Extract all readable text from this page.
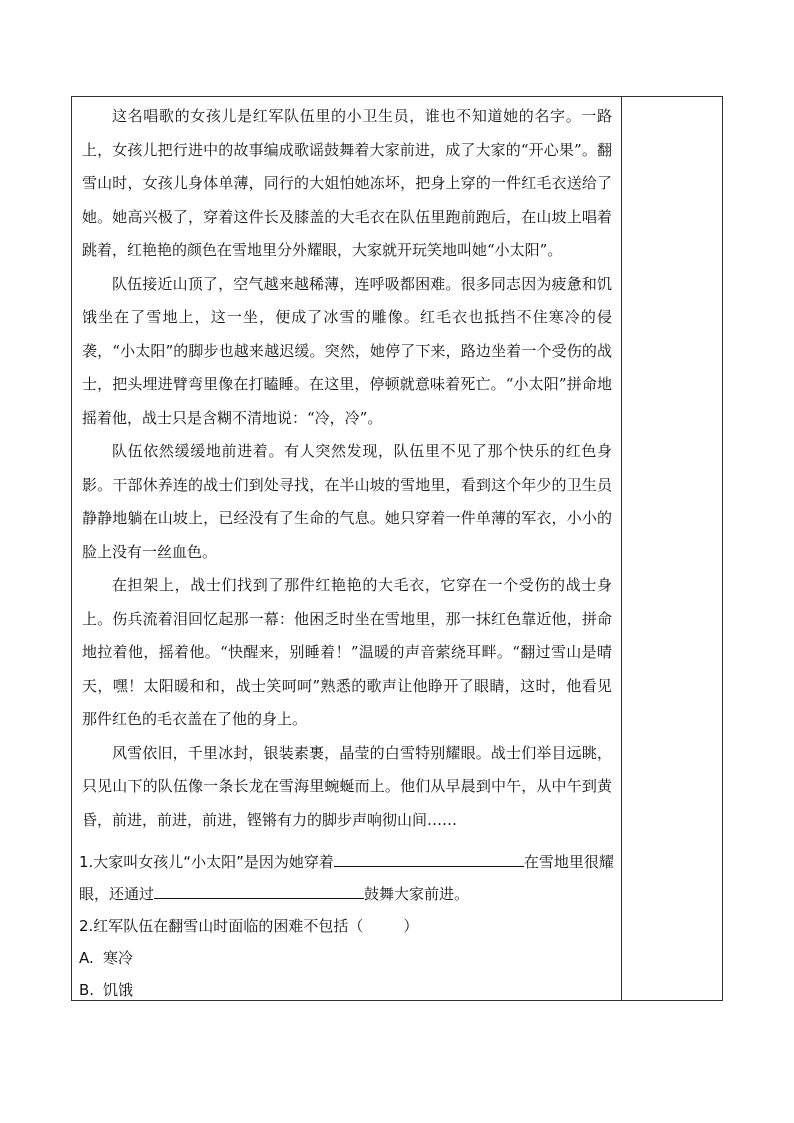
这名唱歌的女孩儿是红军队伍里的小卫生员，谁也不知道她的名字。一路上，女孩儿把行进中的故事编成歌谣鼓舞着大家前进，成了大家的“开心果”。翻雪山时，女孩儿身体单薄，同行的大姐怕她冻坏，把身上穿的一件红毛衣送给了她。她高兴极了，穿着这件长及膝盖的大毛衣在队伍里跑前跑后，在山坡上唱着跳着，红艳艳的颜色在雪地里分外耀眼，大家就开玩笑地叫她“小太阳”。

队伍接近山顶了，空气越来越稀薄，连呼吸都困难。很多同志因为疲惫和饥饿坐在了雪地上，这一坐，便成了冰雪的雕像。红毛衣也抵挡不住寒冷的侵袭，“小太阳”的脚步也越来越迟缓。突然，她停了下来，路边坐着一个受伤的战士，把头埋进臂弯里像在打瞌睡。在这里，停顿就意味着死亡。“小太阳”拼命地摇着他，战士只是含糊不清地说：“冷，冷”。

队伍依然缓缓地前进着。有人突然发现，队伍里不见了那个快乐的红色身影。干部休养连的战士们到处寻找，在半山坡的雪地里，看到这个年少的卫生员静静地躺在山坡上，已经没有了生命的气息。她只穿着一件单薄的军衣，小小的脸上没有一丝血色。

在担架上，战士们找到了那件红艳艳的大毛衣，它穿在一个受伤的战士身上。伤兵流着泪回忆起那一幕：他困乏时坐在雪地里，那一抹红色靠近他，拼命地拉着他，摇着他。“快醒来，别睡着！”温暖的声音萦绕耳畔。“翻过雪山是晴天，嘿！太阳暖和和，战士笑呵呵”熟悉的歌声让他睁开了眼睛，这时，他看见那件红色的毛衣盖在了他的身上。

风雪依旧，千里冰封，银装素裹，晶莹的白雪特别耀眼。战士们举目远眺，只见山下的队伍像一条长龙在雪海里蜿蜒而上。他们从早晨到中午，从中午到黄昏，前进，前进，前进，铿锵有力的脚步声响彻山间……

1.大家叫女孩儿“小太阳”是因为她穿着	在雪地里很耀眼，还通过	鼓舞大家前进。

2.红军队伍在翻雪山时面临的困难不包括（	）

A. 寒冷

B. 饥饿
